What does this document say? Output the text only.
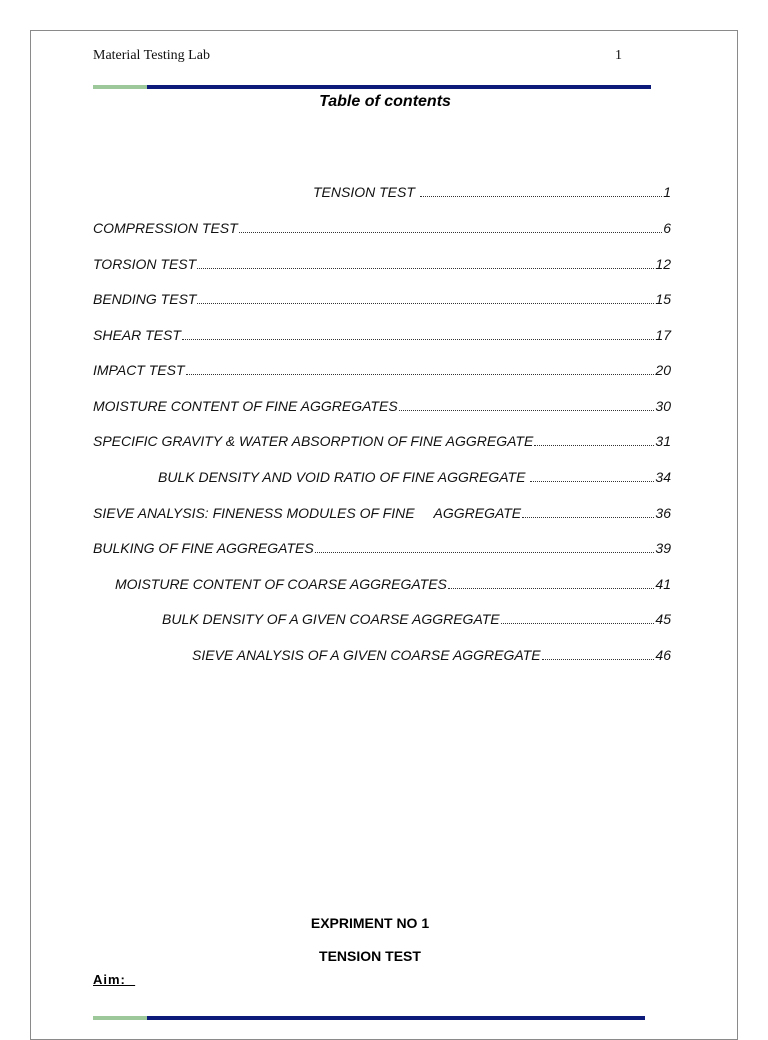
Material Testing Lab	1
Table of contents
TENSION TEST	1
COMPRESSION TEST	6
TORSION TEST	12
BENDING TEST	15
SHEAR TEST	17
IMPACT TEST	20
MOISTURE CONTENT OF FINE AGGREGATES	30
SPECIFIC GRAVITY & WATER ABSORPTION OF FINE AGGREGATE	31
BULK DENSITY AND VOID RATIO OF FINE AGGREGATE	34
SIEVE ANALYSIS: FINENESS MODULES OF FINE     AGGREGATE	36
BULKING OF FINE AGGREGATES	39
MOISTURE CONTENT OF COARSE AGGREGATES	41
BULK DENSITY OF A GIVEN COARSE AGGREGATE	45
SIEVE ANALYSIS OF A GIVEN COARSE AGGREGATE	46
EXPRIMENT NO 1
TENSION TEST
Aim:
